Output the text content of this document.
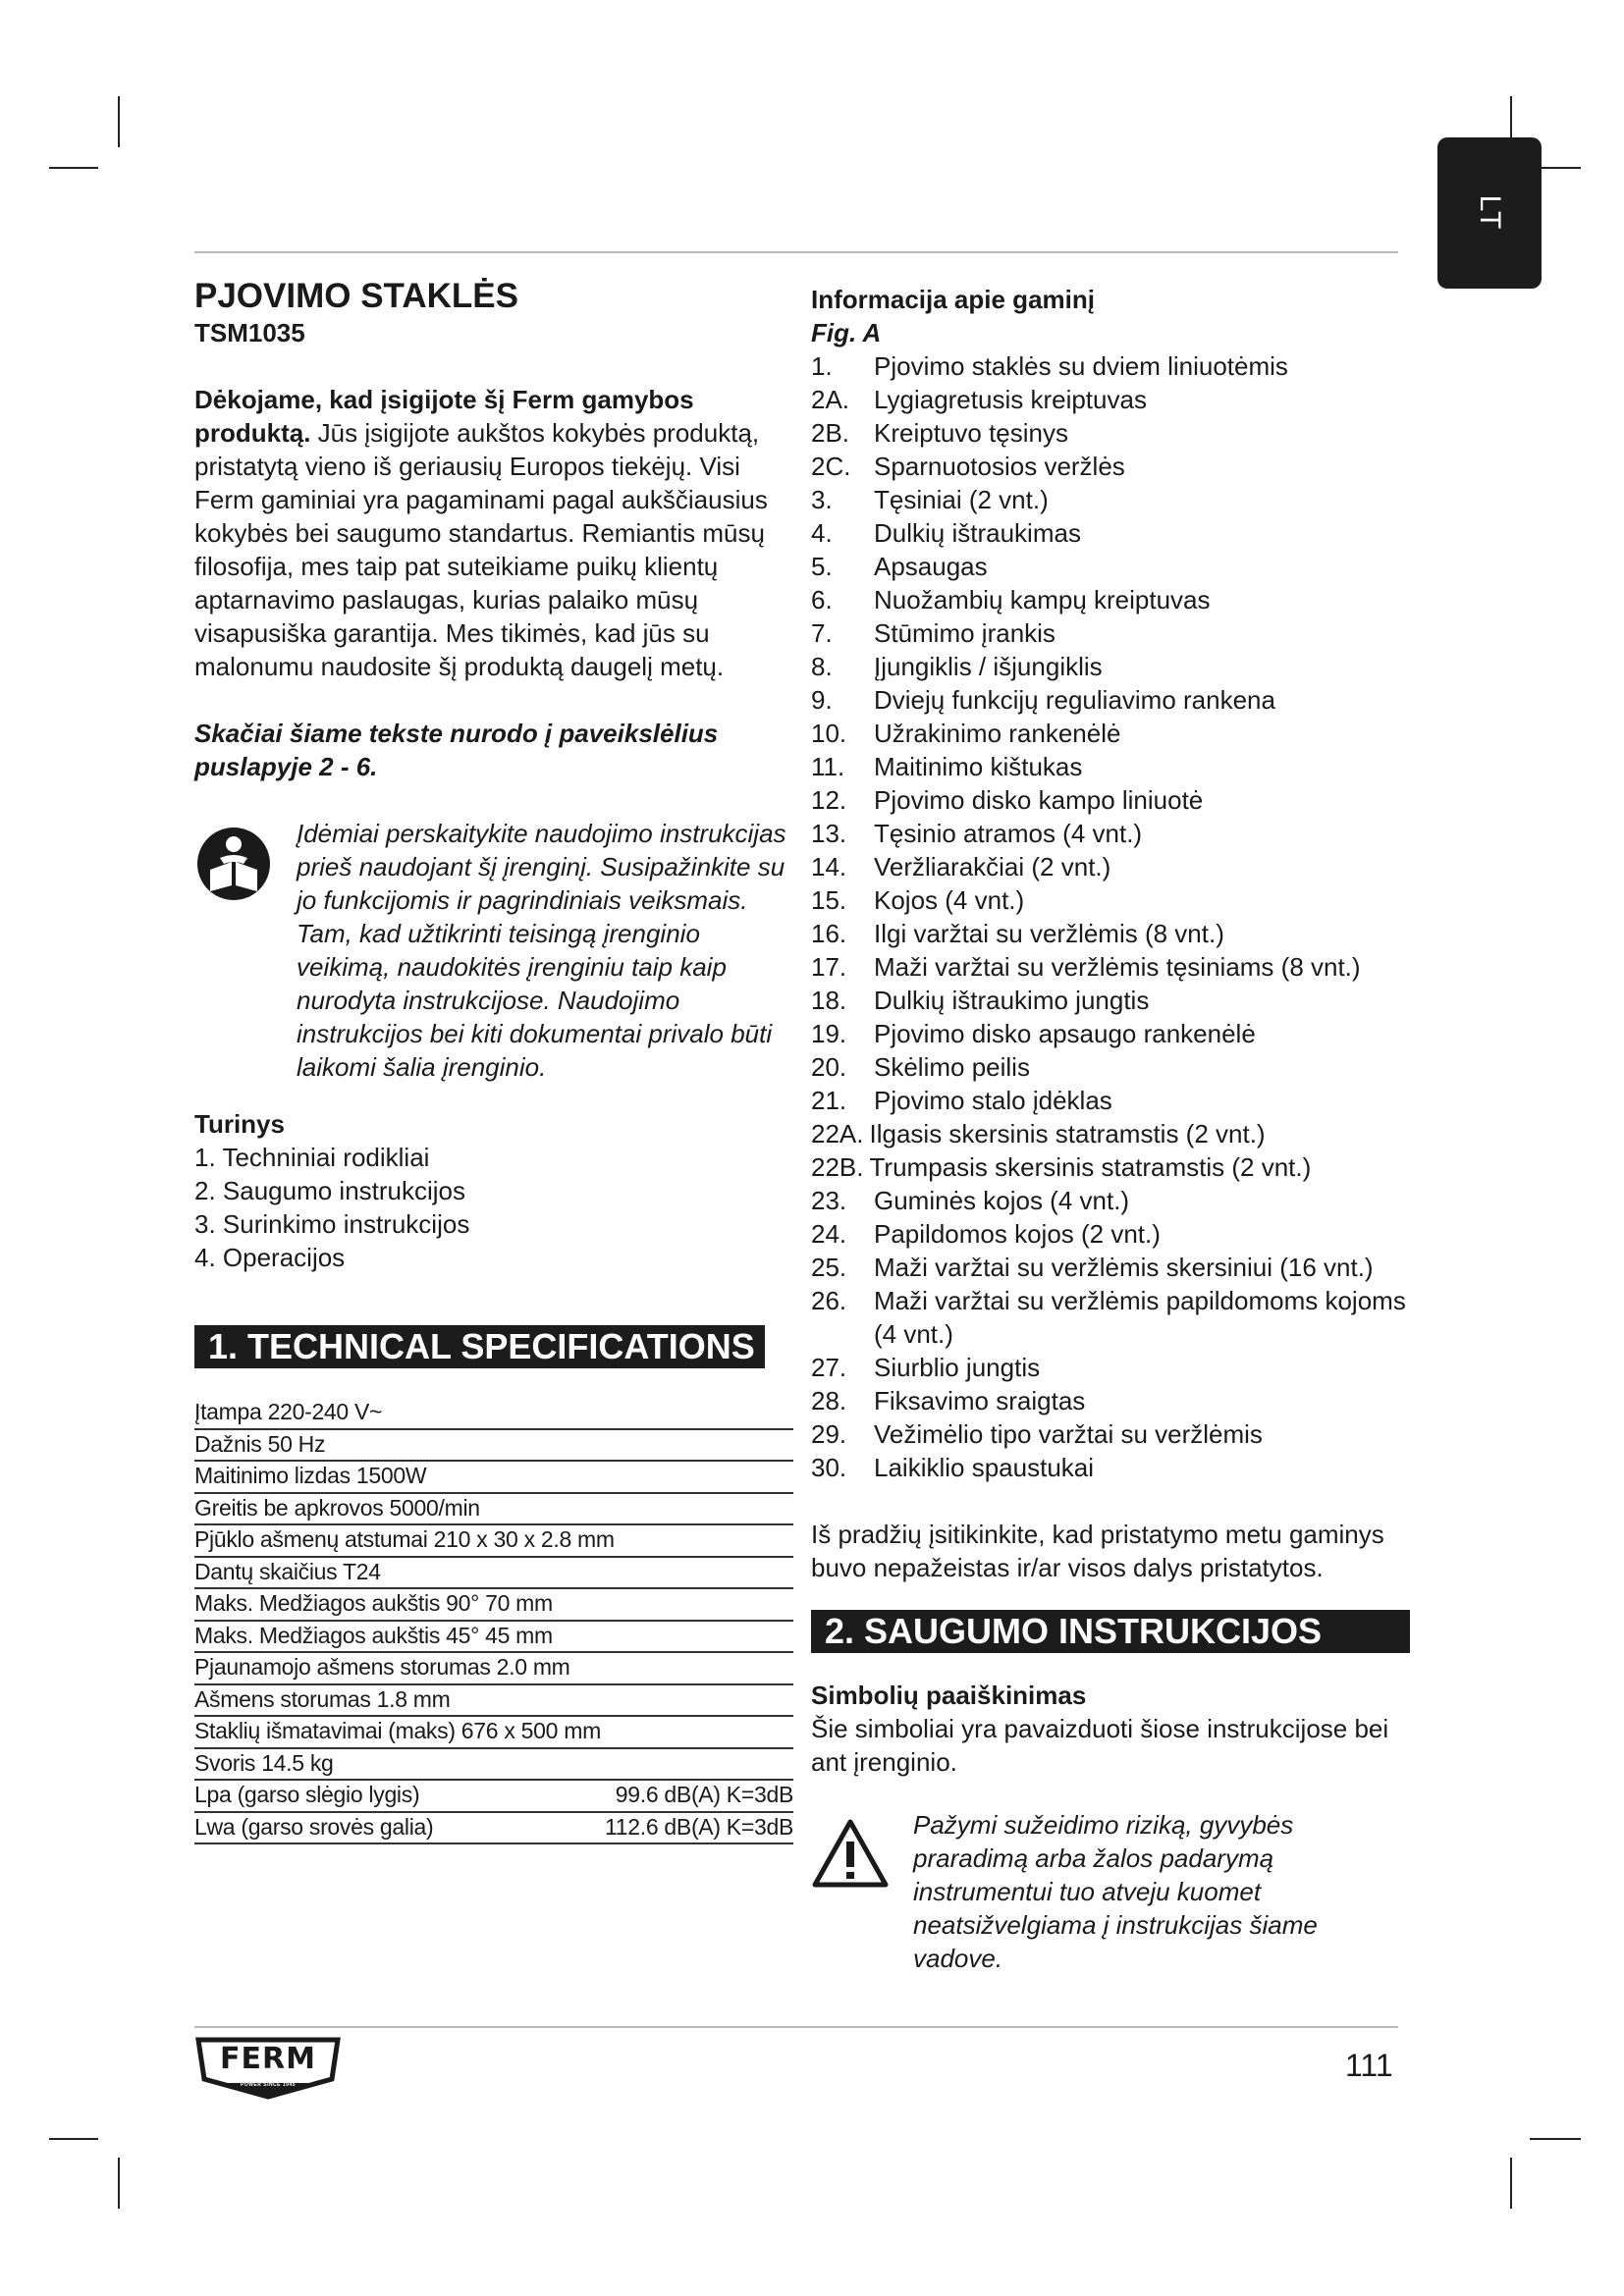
LT
PJOVIMO STAKLĖS
TSM1035
Dėkojame, kad įsigijote šį Ferm gamybos produktą. Jūs įsigijote aukštos kokybės produktą, pristatytą vieno iš geriausių Europos tiekėjų. Visi Ferm gaminiai yra pagaminami pagal aukščiausius kokybės bei saugumo standartus. Remiantis mūsų filosofija, mes taip pat suteikiame puikų klientų aptarnavimo paslaugas, kurias palaiko mūsų visapusiška garantija. Mes tikimės, kad jūs su malonumu naudosite šį produktą daugelį metų.
Skačiai šiame tekste nurodo į paveikslėlius puslapyje 2 - 6.
Įdėmiai perskaitykite naudojimo instrukcijas prieš naudojant šį įrenginį. Susipažinkite su jo funkcijomis ir pagrindiniais veiksmais. Tam, kad užtikrinti teisingą įrenginio veikimą, naudokitės įrenginiu taip kaip nurodyta instrukcijose. Naudojimo instrukcijos bei kiti dokumentai privalo būti laikomi šalia įrenginio.
Turinys
1. Techniniai rodikliai
2. Saugumo instrukcijos
3. Surinkimo instrukcijos
4. Operacijos
1. TECHNICAL SPECIFICATIONS
Įtampa 220-240 V~
Dažnis 50 Hz
Maitinimo lizdas 1500W
Greitis be apkrovos 5000/min
Pjūklo ašmenų atstumai 210 x 30 x 2.8 mm
Dantų skaičius T24
Maks. Medžiagos aukštis 90° 70 mm
Maks. Medžiagos aukštis 45° 45 mm
Pjaunamojo ašmens storumas 2.0 mm
Ašmens storumas 1.8 mm
Staklių išmatavimai (maks) 676 x 500 mm
Svoris 14.5 kg
Lpa (garso slėgio lygis)	99.6 dB(A) K=3dB
Lwa (garso srovės galia)	112.6 dB(A) K=3dB
Informacija apie gaminį
Fig. A
1.	Pjovimo staklės su dviem liniuotėmis
2A. Lygiagretusis kreiptuvas
2B. Kreiptuvo tęsinys
2C. Sparnuotosios veržlės
3.	Tęsiniai (2 vnt.)
4.	Dulkių ištraukimas
5.	Apsaugas
6.	Nuožambių kampų kreiptuvas
7.	Stūmimo įrankis
8.	Įjungiklis / išjungiklis
9.	Dviejų funkcijų reguliavimo rankena
10.	Užrakinimo rankenėlė
11.	Maitinimo kištukas
12.	Pjovimo disko kampo liniuotė
13.	Tęsinio atramos (4 vnt.)
14.	Veržliarakčiai (2 vnt.)
15.	Kojos (4 vnt.)
16.	Ilgi varžtai su veržlėmis (8 vnt.)
17.	Maži varžtai su veržlėmis tęsiniams (8 vnt.)
18.	Dulkių ištraukimo jungtis
19.	Pjovimo disko apsaugo rankenėlė
20.	Skėlimo peilis
21.	Pjovimo stalo įdėklas
22A. Ilgasis skersinis statramstis (2 vnt.)
22B. Trumpasis skersinis statramstis (2 vnt.)
23.	Guminės kojos (4 vnt.)
24.	Papildomos kojos (2 vnt.)
25.	Maži varžtai su veržlėmis skersiniui (16 vnt.)
26.	Maži varžtai su veržlėmis papildomoms kojoms (4 vnt.)
27.	Siurblio jungtis
28.	Fiksavimo sraigtas
29.	Vežimėlio tipo varžtai su veržlėmis
30.	Laikiklio spaustukai
Iš pradžių įsitikinkite, kad pristatymo metu gaminys buvo nepažeistas ir/ar visos dalys pristatytos.
2. SAUGUMO INSTRUKCIJOS
Simbolių paaiškinimas
Šie simboliai yra pavaizduoti šiose instrukcijose bei ant įrenginio.
Pažymi sužeidimo riziką, gyvybės praradimą arba žalos padarymą instrumentui tuo atveju kuomet neatsižvelgiama į instrukcijas šiame vadove.
FERM
POWER SINCE 1945
111
